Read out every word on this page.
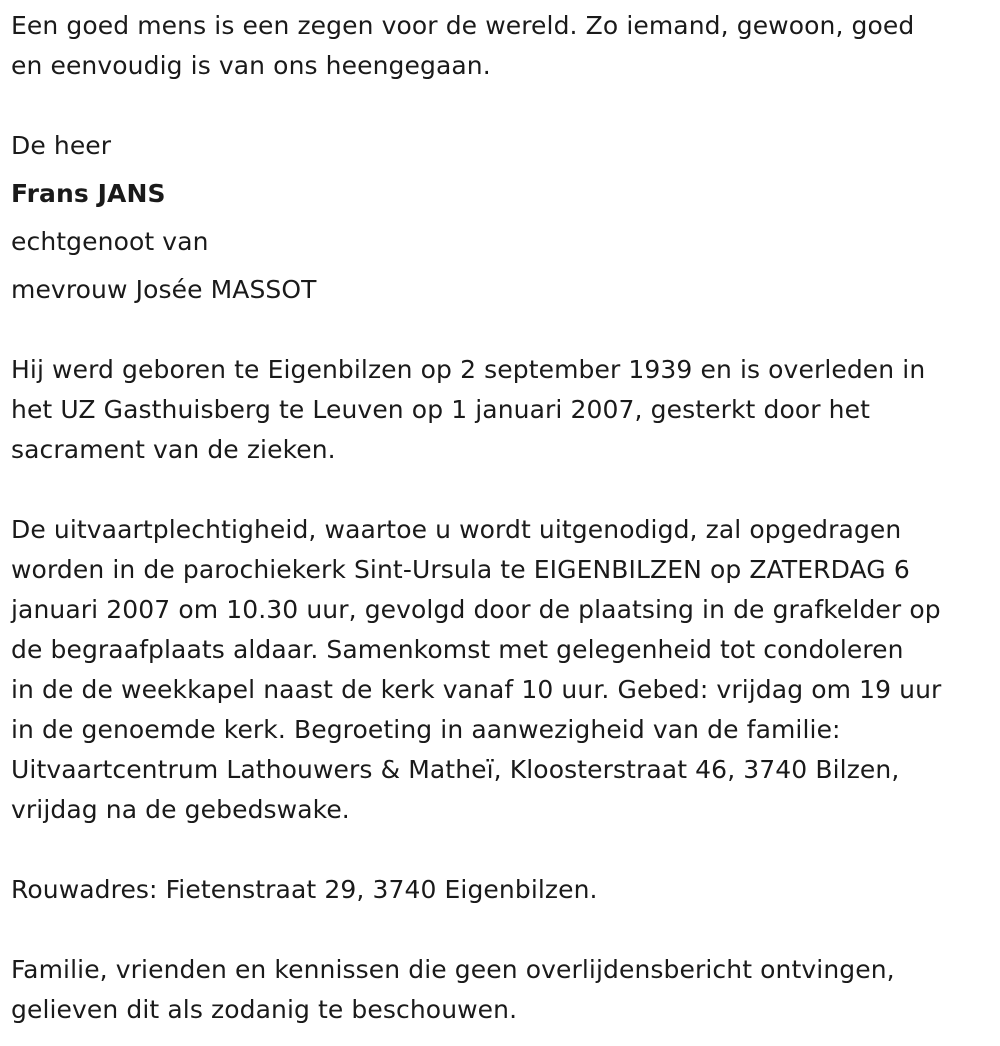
Een goed mens is een zegen voor de wereld. Zo iemand, gewoon, goed

en eenvoudig is van ons heengegaan.

De heer

Frans JANS

echtgenoot van

mevrouw Josée MASSOT

Hij werd geboren te Eigenbilzen op 2 september 1939 en is overleden in

het UZ Gasthuisberg te Leuven op 1 januari 2007, gesterkt door het

sacrament van de zieken.

De uitvaartplechtigheid, waartoe u wordt uitgenodigd, zal opgedragen

worden in de parochiekerk Sint-Ursula te EIGENBILZEN op ZATERDAG 6

januari 2007 om 10.30 uur, gevolgd door de plaatsing in de grafkelder op

de begraafplaats aldaar. Samenkomst met gelegenheid tot condoleren

in de de weekkapel naast de kerk vanaf 10 uur. Gebed: vrijdag om 19 uur

in de genoemde kerk. Begroeting in aanwezigheid van de familie:

Uitvaartcentrum Lathouwers & Matheï, Kloosterstraat 46, 3740 Bilzen,

vrijdag na de gebedswake.

Rouwadres: Fietenstraat 29, 3740 Eigenbilzen.

Familie, vrienden en kennissen die geen overlijdensbericht ontvingen,

gelieven dit als zodanig te beschouwen.
